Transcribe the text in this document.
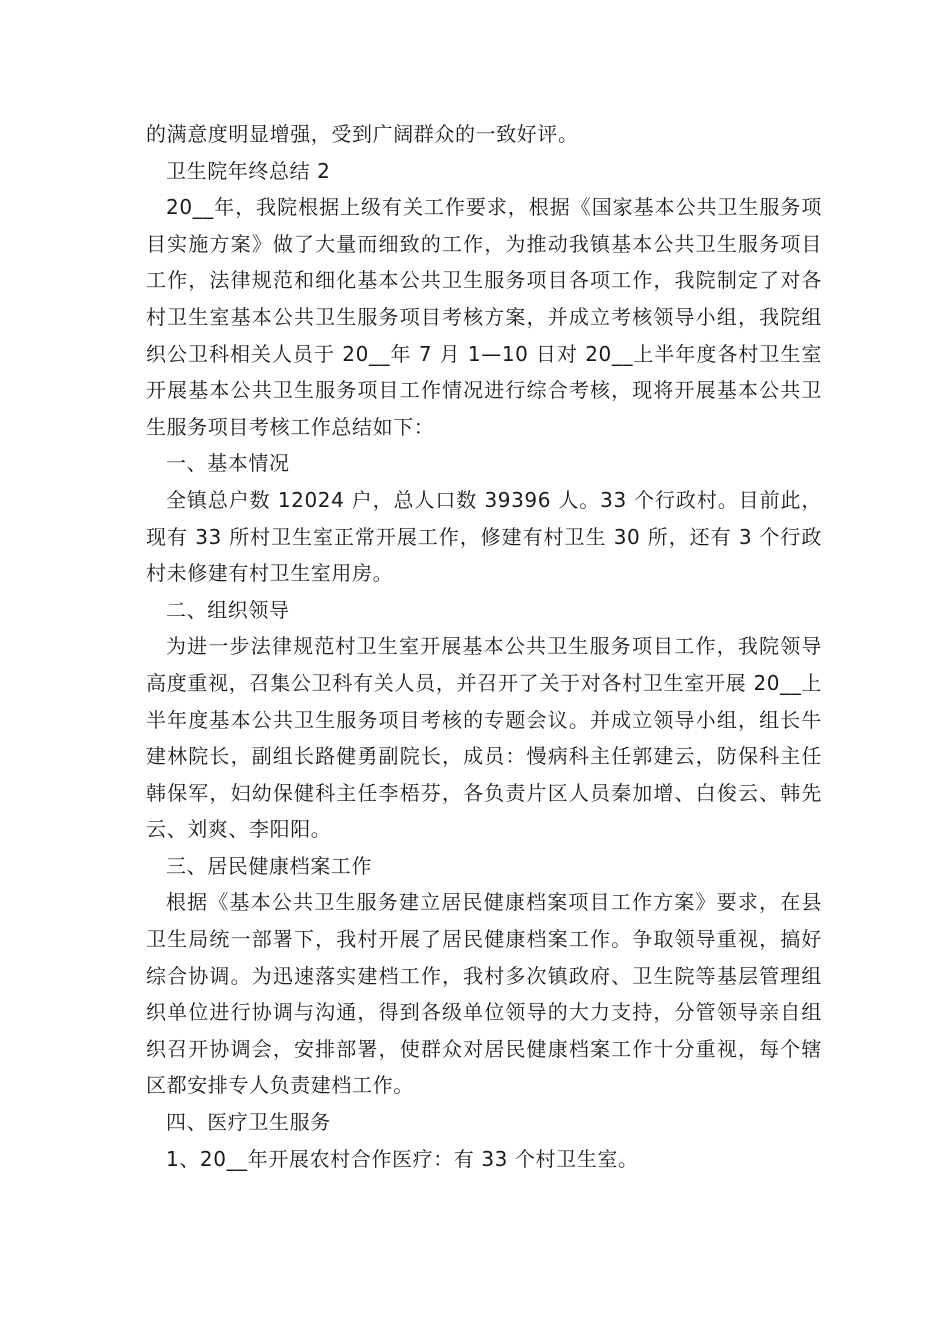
的满意度明显增强，受到广阔群众的一致好评。

卫生院年终总结 2

20__年，我院根据上级有关工作要求，根据《国家基本公共卫生服务项目实施方案》做了大量而细致的工作，为推动我镇基本公共卫生服务项目工作，法律规范和细化基本公共卫生服务项目各项工作，我院制定了对各村卫生室基本公共卫生服务项目考核方案，并成立考核领导小组，我院组织公卫科相关人员于 20__年 7 月 1—10 日对 20__上半年度各村卫生室开展基本公共卫生服务项目工作情况进行综合考核，现将开展基本公共卫生服务项目考核工作总结如下：

一、基本情况

全镇总户数 12024 户，总人口数 39396 人。33 个行政村。目前此，现有 33 所村卫生室正常开展工作，修建有村卫生 30 所，还有 3 个行政村未修建有村卫生室用房。

二、组织领导

为进一步法律规范村卫生室开展基本公共卫生服务项目工作，我院领导高度重视，召集公卫科有关人员，并召开了关于对各村卫生室开展 20__上半年度基本公共卫生服务项目考核的专题会议。并成立领导小组，组长牛建林院长，副组长路健勇副院长，成员：慢病科主任郭建云，防保科主任韩保军，妇幼保健科主任李梧芬，各负责片区人员秦加增、白俊云、韩先云、刘爽、李阳阳。

三、居民健康档案工作

根据《基本公共卫生服务建立居民健康档案项目工作方案》要求，在县卫生局统一部署下，我村开展了居民健康档案工作。争取领导重视，搞好综合协调。为迅速落实建档工作，我村多次镇政府、卫生院等基层管理组织单位进行协调与沟通，得到各级单位领导的大力支持，分管领导亲自组织召开协调会，安排部署，使群众对居民健康档案工作十分重视，每个辖区都安排专人负责建档工作。

四、医疗卫生服务

1、20__年开展农村合作医疗：有 33 个村卫生室。
